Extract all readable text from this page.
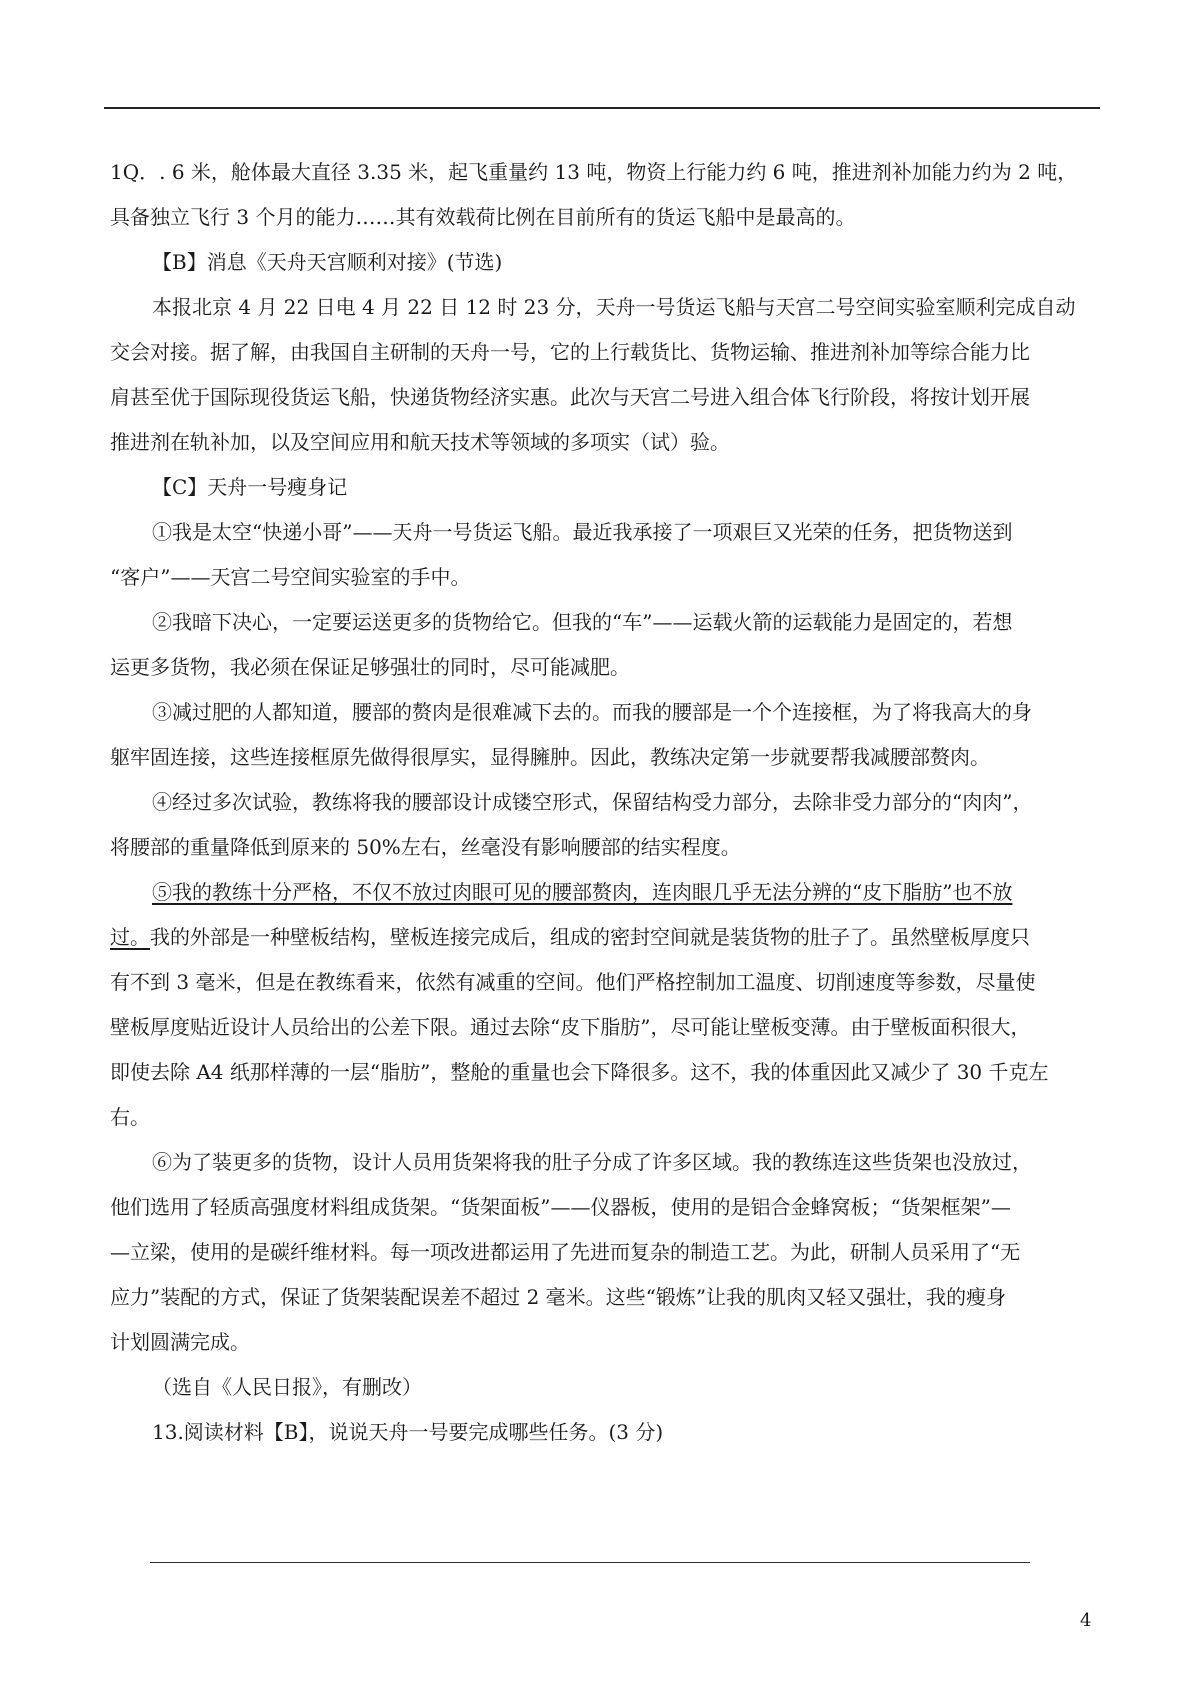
1Q．. 6 米，舱体最大直径 3.35 米，起飞重量约 13 吨，物资上行能力约 6 吨，推进剂补加能力约为 2 吨，
具备独立飞行 3 个月的能力……其有效载荷比例在目前所有的货运飞船中是最高的。
【B】消息《天舟天宫顺利对接》(节选)
本报北京 4 月 22 日电 4 月 22 日 12 时 23 分，天舟一号货运飞船与天宫二号空间实验室顺利完成自动
交会对接。据了解，由我国自主研制的天舟一号，它的上行载货比、货物运输、推进剂补加等综合能力比
肩甚至优于国际现役货运飞船，快递货物经济实惠。此次与天宫二号进入组合体飞行阶段，将按计划开展
推进剂在轨补加，以及空间应用和航天技术等领域的多项实（试）验。
【C】天舟一号瘦身记
①我是太空“快递小哥”——天舟一号货运飞船。最近我承接了一项艰巨又光荣的任务，把货物送到
“客户”——天宫二号空间实验室的手中。
②我暗下决心，一定要运送更多的货物给它。但我的“车”——运载火箭的运载能力是固定的，若想
运更多货物，我必须在保证足够强壮的同时，尽可能减肥。
③减过肥的人都知道，腰部的赘肉是很难减下去的。而我的腰部是一个个连接框，为了将我高大的身
躯牢固连接，这些连接框原先做得很厚实，显得臃肿。因此，教练决定第一步就要帮我减腰部赘肉。
④经过多次试验，教练将我的腰部设计成镂空形式，保留结构受力部分，去除非受力部分的“肉肉”，
将腰部的重量降低到原来的 50%左右，丝毫没有影响腰部的结实程度。
⑤我的教练十分严格，不仅不放过肉眼可见的腰部赘肉，连肉眼几乎无法分辨的“皮下脂肪”也不放
过。我的外部是一种壁板结构，壁板连接完成后，组成的密封空间就是装货物的肚子了。虽然壁板厚度只
有不到 3 毫米，但是在教练看来，依然有减重的空间。他们严格控制加工温度、切削速度等参数，尽量使
壁板厚度贴近设计人员给出的公差下限。通过去除“皮下脂肪”，尽可能让壁板变薄。由于壁板面积很大，
即使去除 A4 纸那样薄的一层“脂肪”，整舱的重量也会下降很多。这不，我的体重因此又减少了 30 千克左
右。
⑥为了装更多的货物，设计人员用货架将我的肚子分成了许多区域。我的教练连这些货架也没放过，
他们选用了轻质高强度材料组成货架。“货架面板”——仪器板，使用的是铝合金蜂窝板；“货架框架”—
—立梁，使用的是碳纤维材料。每一项改进都运用了先进而复杂的制造工艺。为此，研制人员采用了“无
应力”装配的方式，保证了货架装配误差不超过 2 毫米。这些“锻炼”让我的肌肉又轻又强壮，我的瘦身
计划圆满完成。
（选自《人民日报》，有删改）
13.阅读材料【B】，说说天舟一号要完成哪些任务。(3 分)
4
